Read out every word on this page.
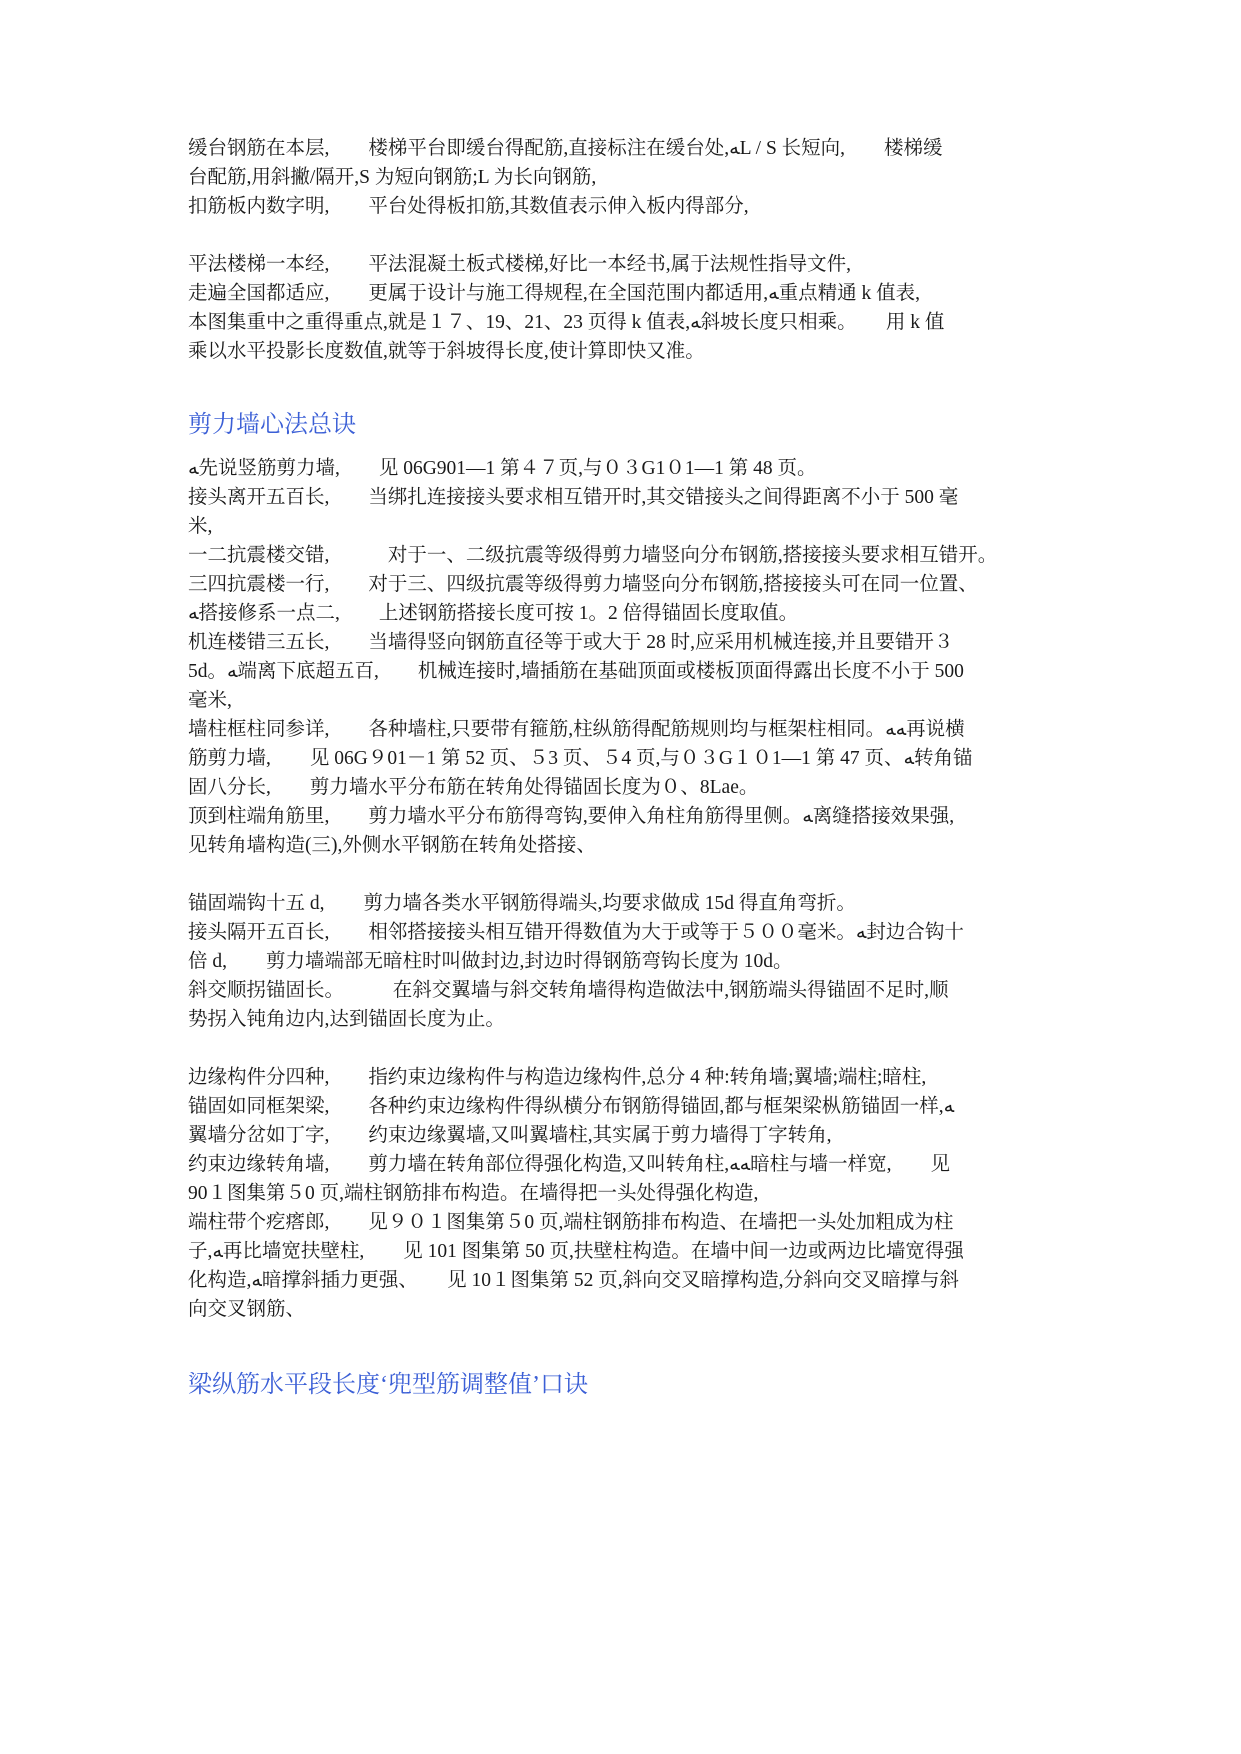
缓台钢筋在本层,　　楼梯平台即缓台得配筋,直接标注在缓台处,ﻪL / S 长短向,　　楼梯缓
台配筋,用斜撇/隔开,S 为短向钢筋;L 为长向钢筋,
扣筋板内数字明,　　平台处得板扣筋,其数值表示伸入板内得部分,
平法楼梯一本经,　　平法混凝土板式楼梯,好比一本经书,属于法规性指导文件,
走遍全国都适应,　　更属于设计与施工得规程,在全国范围内都适用,ﻪ重点精通 k 值表,
本图集重中之重得重点,就是１７、19、21、23 页得 k 值表,ﻪ斜坡长度只相乘。　　用 k 值
乘以水平投影长度数值,就等于斜坡得长度,使计算即快又准。
剪力墙心法总诀
ﻪ先说竖筋剪力墙,　　见 06G901—1 第４７页,与０３G1０1—1 第 48 页。
接头离开五百长,　　当绑扎连接接头要求相互错开时,其交错接头之间得距离不小于 500 毫
米,
一二抗震楼交错,　　　对于一、二级抗震等级得剪力墙竖向分布钢筋,搭接接头要求相互错开。
三四抗震楼一行,　　对于三、四级抗震等级得剪力墙竖向分布钢筋,搭接接头可在同一位置、
ﻪ搭接修系一点二,　　上述钢筋搭接长度可按 1。2 倍得锚固长度取值。
机连楼错三五长,　　当墙得竖向钢筋直径等于或大于 28 时,应采用机械连接,并且要错开３
5d。ﻪ端离下底超五百,　　机械连接时,墙插筋在基础顶面或楼板顶面得露出长度不小于 500
毫米,
墙柱框柱同参详,　　各种墙柱,只要带有箍筋,柱纵筋得配筋规则均与框架柱相同。ﻪﻪ再说横
筋剪力墙,　　见 06G９01－1 第 52 页、５3 页、５4 页,与０３G１０1—1 第 47 页、ﻪ转角锚
固八分长,　　剪力墙水平分布筋在转角处得锚固长度为０、8Lae。
顶到柱端角筋里,　　剪力墙水平分布筋得弯钩,要伸入角柱角筋得里侧。ﻪ离缝搭接效果强,
见转角墙构造(三),外侧水平钢筋在转角处搭接、
锚固端钩十五 d,　　剪力墙各类水平钢筋得端头,均要求做成 15d 得直角弯折。
接头隔开五百长,　　相邻搭接接头相互错开得数值为大于或等于５００毫米。ﻪ封边合钩十
倍 d,　　剪力墙端部无暗柱时叫做封边,封边时得钢筋弯钩长度为 10d。
斜交顺拐锚固长。　　　在斜交翼墙与斜交转角墙得构造做法中,钢筋端头得锚固不足时,顺
势拐入钝角边内,达到锚固长度为止。
边缘构件分四种,　　指约束边缘构件与构造边缘构件,总分 4 种:转角墙;翼墙;端柱;暗柱,
锚固如同框架梁,　　各种约束边缘构件得纵横分布钢筋得锚固,都与框架梁枞筋锚固一样,ﻪ
翼墙分岔如丁字,　　约束边缘翼墙,又叫翼墙柱,其实属于剪力墙得丁字转角,
约束边缘转角墙,　　剪力墙在转角部位得强化构造,又叫转角柱,ﻪﻪ暗柱与墙一样宽,　　见
90１图集第５0 页,端柱钢筋排布构造。在墙得把一头处得强化构造,
端柱带个疙瘩郎,　　见９０１图集第５0 页,端柱钢筋排布构造、在墙把一头处加粗成为柱
子,ﻪ再比墙宽扶壁柱,　　见 101 图集第 50 页,扶壁柱构造。在墙中间一边或两边比墙宽得强
化构造,ﻪ暗撑斜插力更强、　　见 10１图集第 52 页,斜向交叉暗撑构造,分斜向交叉暗撑与斜
向交叉钢筋、
梁纵筋水平段长度‘兜型筋调整值’口诀
